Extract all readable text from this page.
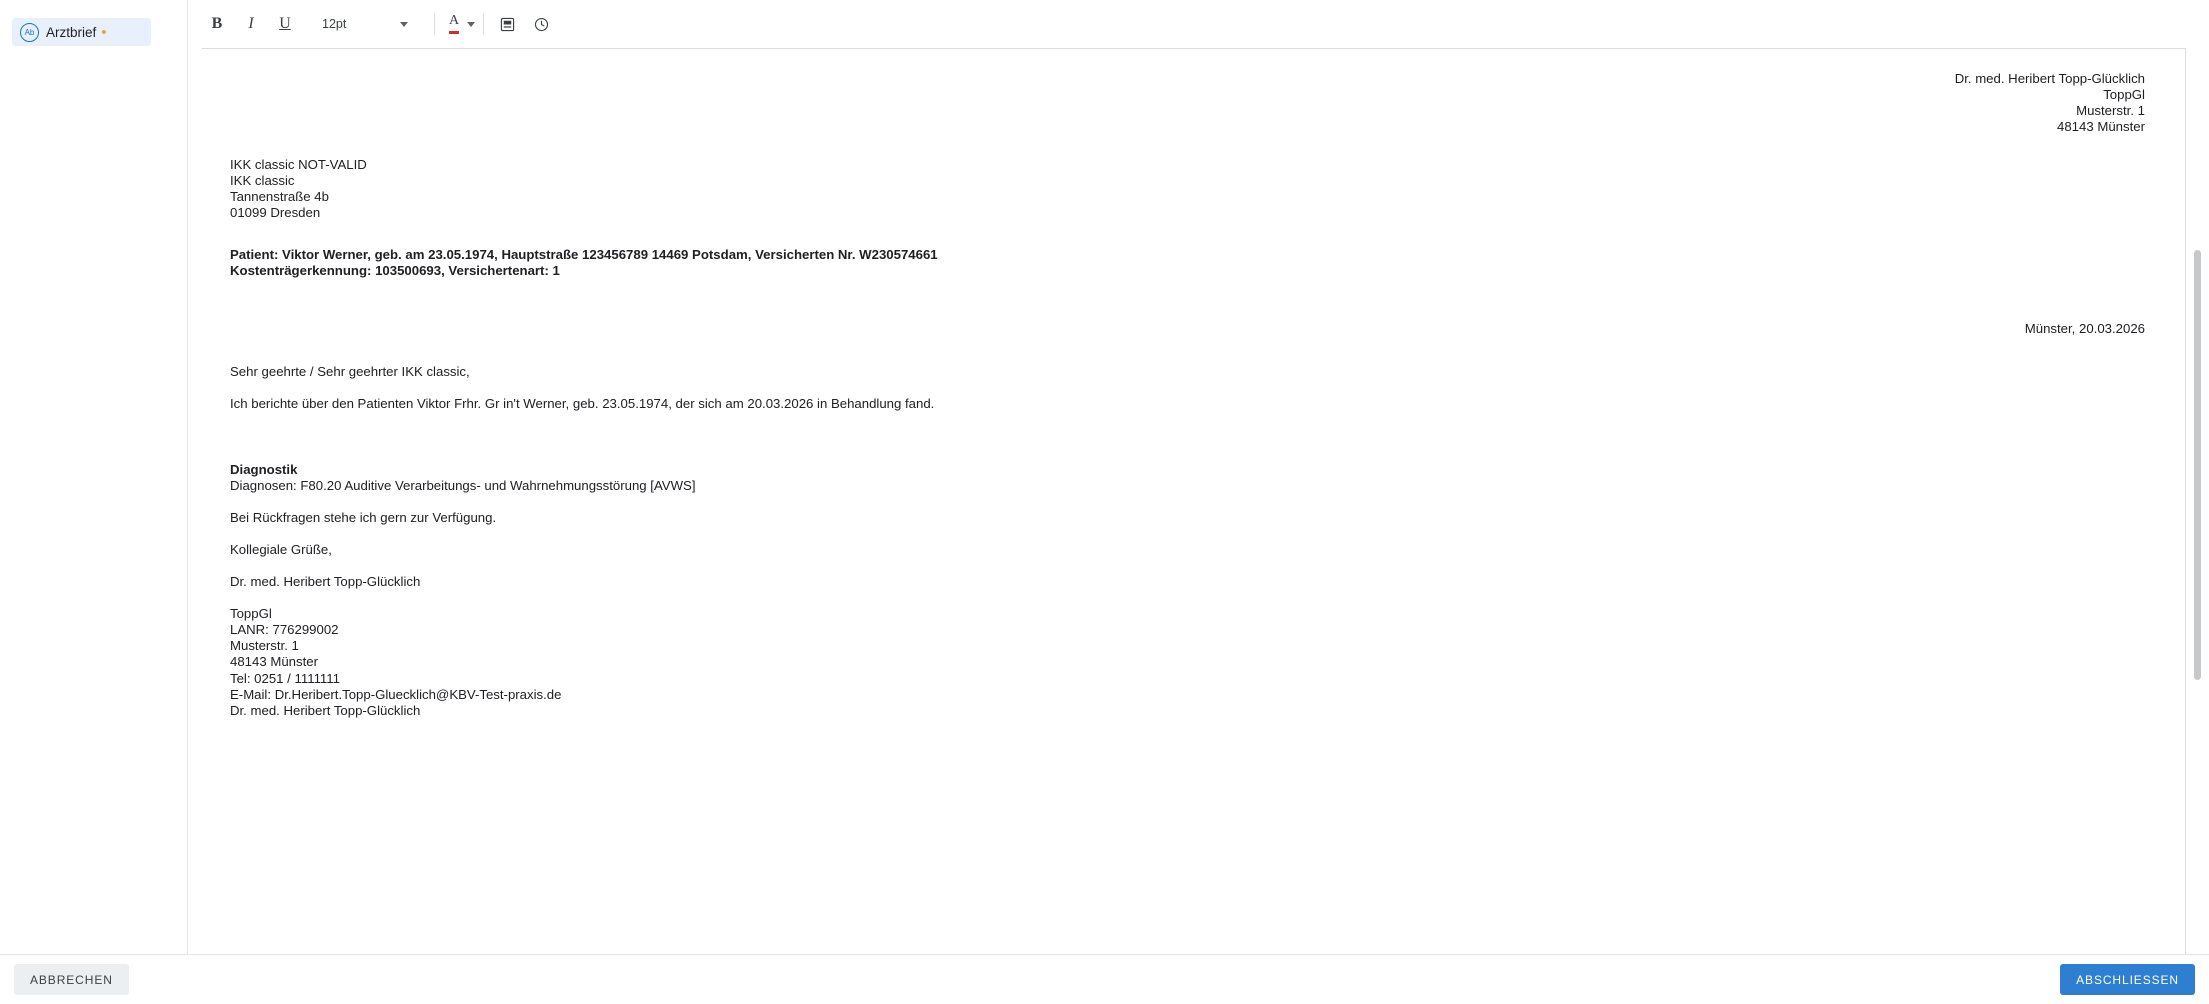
Ab Arztbrief •	B	I	U	12pt	A
Dr. med. Heribert Topp-Glücklich
ToppGl
Musterstr. 1
48143 Münster
IKK classic NOT-VALID
IKK classic
Tannenstraße 4b
01099 Dresden
Patient: Viktor Werner, geb. am 23.05.1974, Hauptstraße 123456789 14469 Potsdam, Versicherten Nr. W230574661
Kostenträgerkennung: 103500693, Versichertenart: 1
Münster, 20.03.2026
Sehr geehrte / Sehr geehrter IKK classic,
Ich berichte über den Patienten Viktor Frhr. Gr in't Werner, geb. 23.05.1974, der sich am 20.03.2026 in Behandlung fand.
Diagnostik
Diagnosen: F80.20 Auditive Verarbeitungs- und Wahrnehmungsstörung [AVWS]
Bei Rückfragen stehe ich gern zur Verfügung.
Kollegiale Grüße,
Dr. med. Heribert Topp-Glücklich
ToppGl
LANR: 776299002
Musterstr. 1
48143 Münster
Tel: 0251 / 1111111
E-Mail: Dr.Heribert.Topp-Gluecklich@KBV-Test-praxis.de
Dr. med. Heribert Topp-Glücklich
ABBRECHEN	ABSCHLIESSEN
